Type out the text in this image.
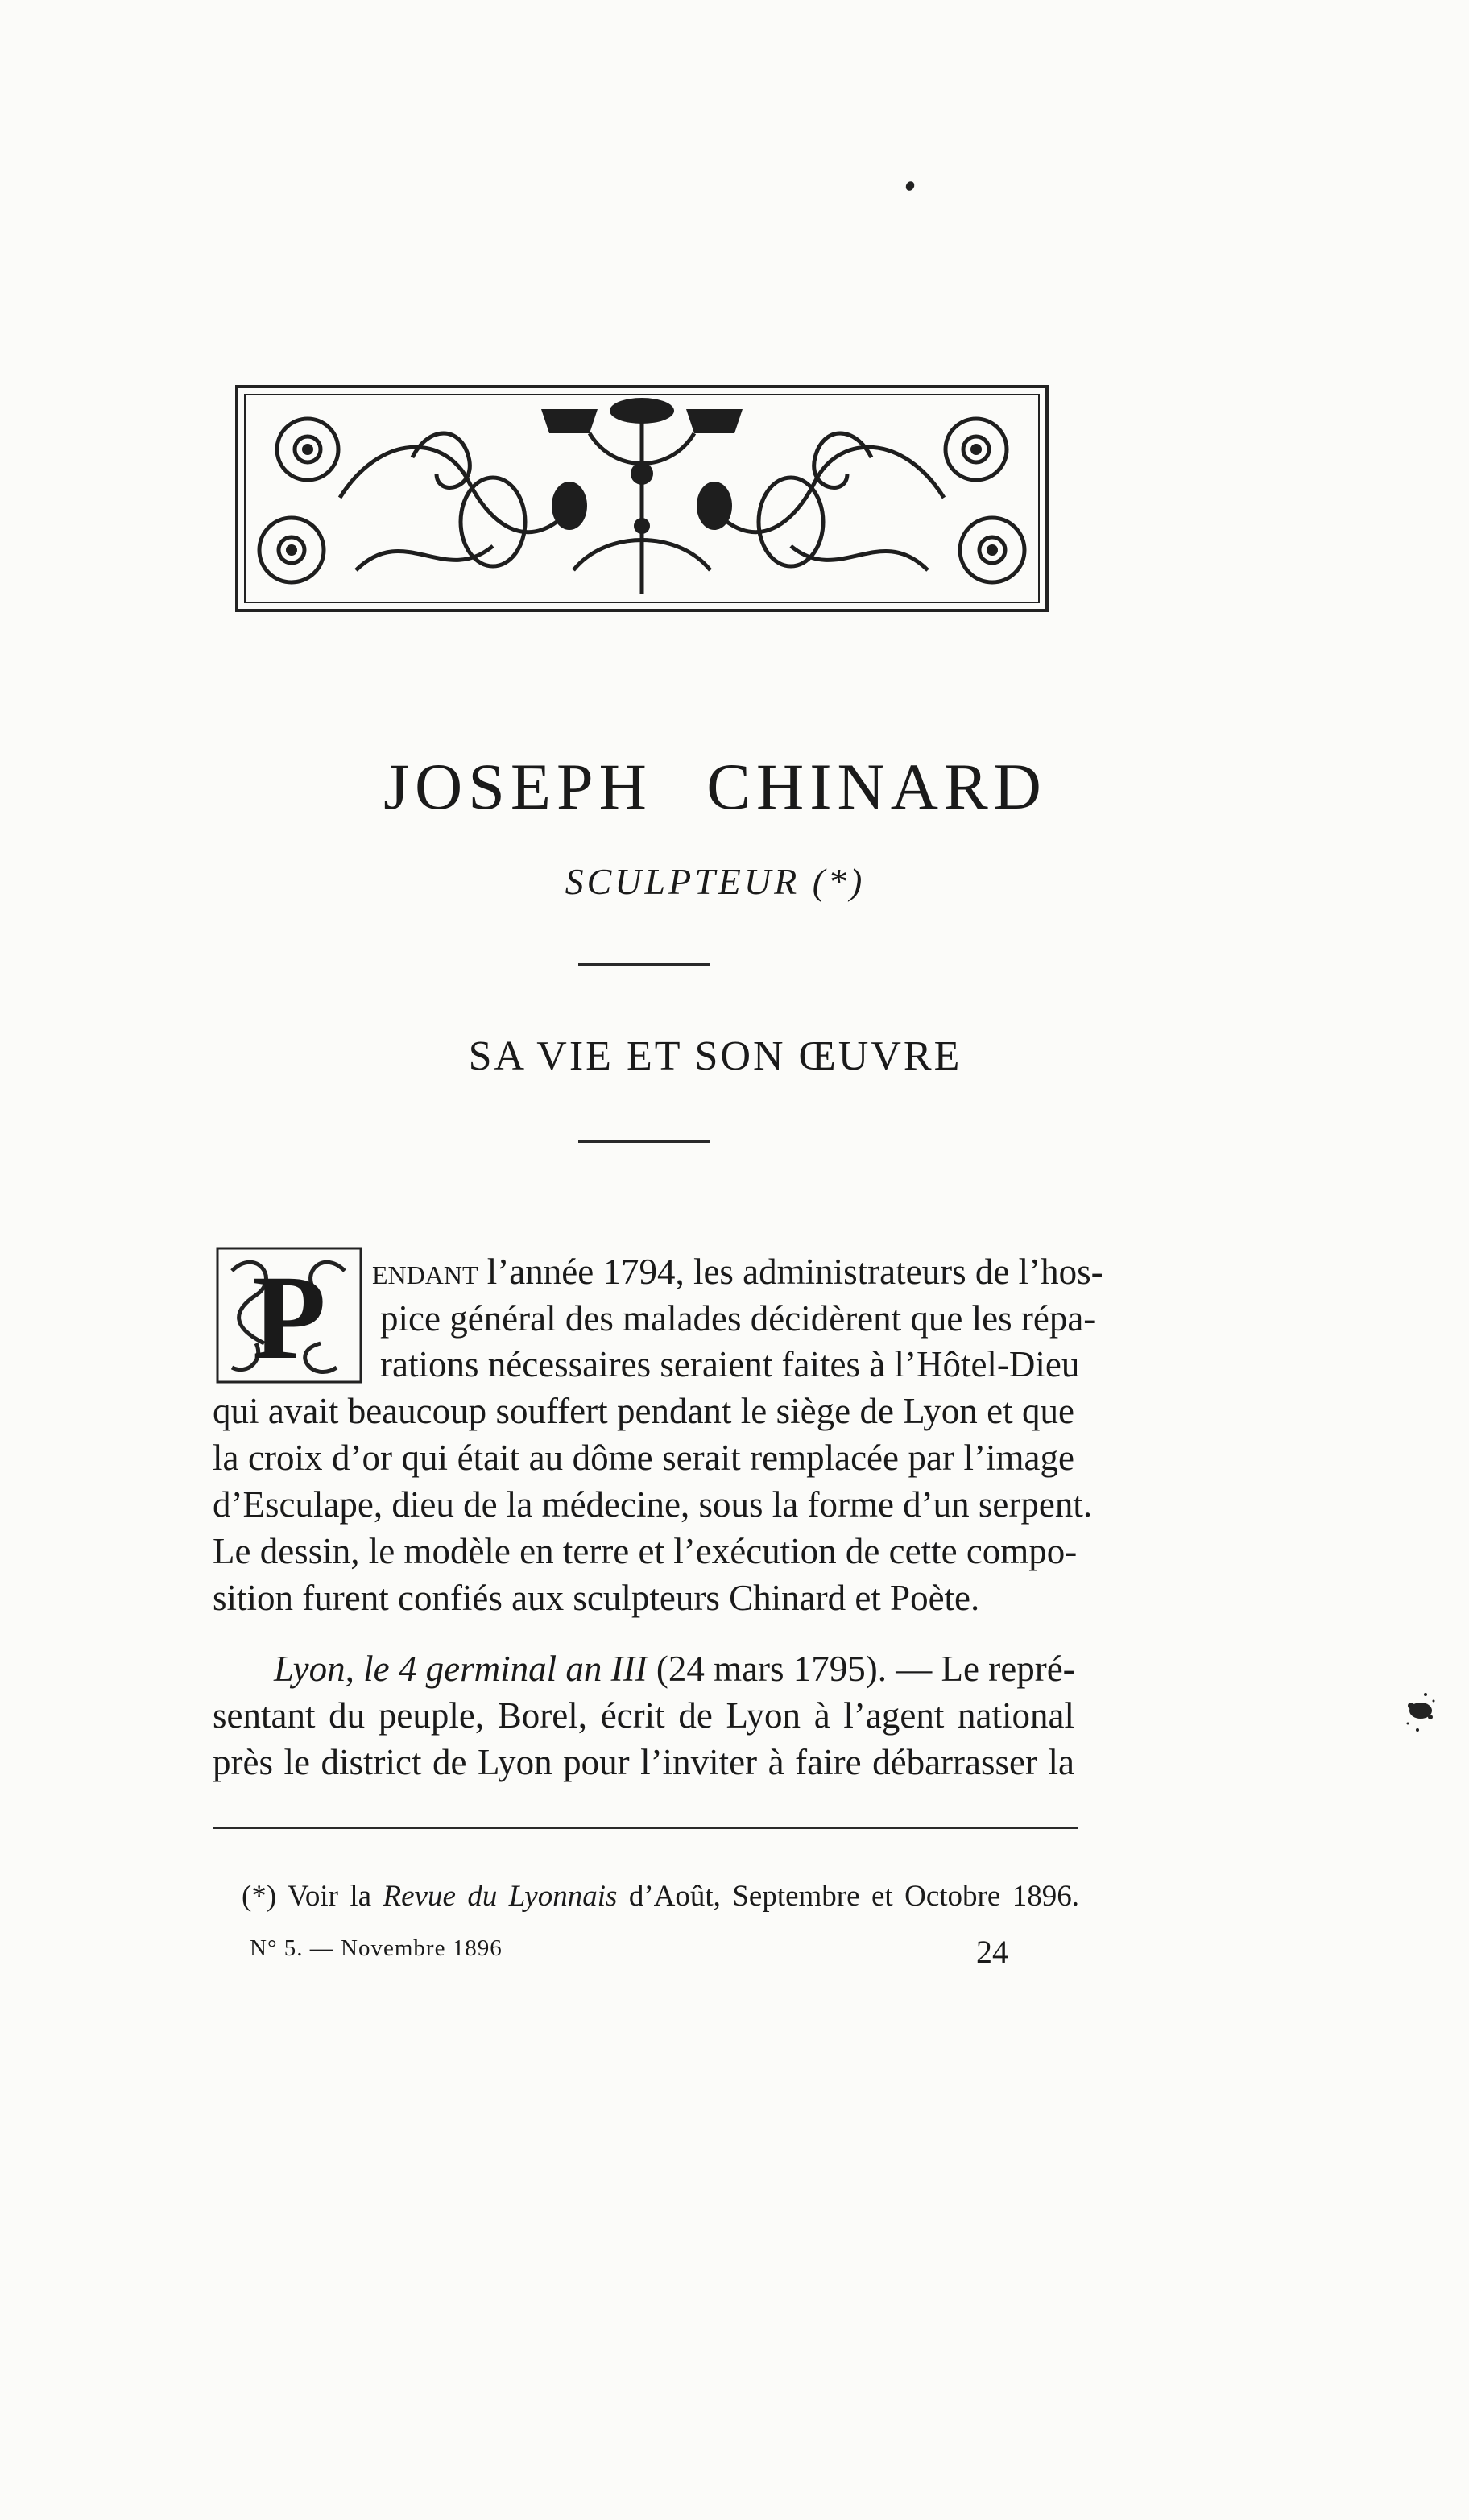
JOSEPH CHINARD
SCULPTEUR (*)
SA VIE ET SON ŒUVRE
P endant l’année 1794, les administrateurs de l’hos-
pice général des malades décidèrent que les répa-
rations nécessaires seraient faites à l’Hôtel-Dieu
qui avait beaucoup souffert pendant le siège de Lyon et que
la croix d’or qui était au dôme serait remplacée par l’image
d’Esculape, dieu de la médecine, sous la forme d’un serpent.
Le dessin, le modèle en terre et l’exécution de cette compo-
sition furent confiés aux sculpteurs Chinard et Poète.
Lyon, le 4 germinal an III (24 mars 1795). — Le repré-
sentant du peuple, Borel, écrit de Lyon à l’agent national
près le district de Lyon pour l’inviter à faire débarrasser la
(*) Voir la Revue du Lyonnais d’Août, Septembre et Octobre 1896.
N° 5. — Novembre 1896	24
